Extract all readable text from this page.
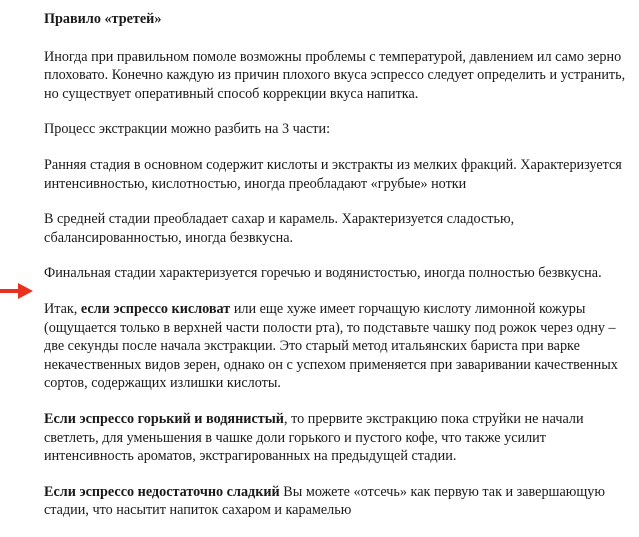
Правило «третей»

Иногда при правильном помоле возможны проблемы с температурой, давлением ил само зерно плоховато. Конечно каждую из причин плохого вкуса эспрессо следует определить и устранить, но существует оперативный способ коррекции вкуса напитка.

Процесс экстракции можно разбить на 3 части:

Ранняя стадия в основном содержит кислоты и экстракты из мелких фракций. Характеризуется интенсивностью, кислотностью, иногда преобладают «грубые» нотки

В средней стадии преобладает сахар и карамель. Характеризуется сладостью, сбалансированностью, иногда безвкусна.

Финальная стадии характеризуется горечью и водянистостью, иногда полностью безвкусна.

Итак, если эспрессо кисловат или еще хуже имеет горчащую кислоту лимонной кожуры (ощущается только в верхней части полости рта), то подставьте чашку под рожок через одну – две секунды после начала экстракции. Это старый метод итальянских бариста при варке некачественных видов зерен, однако он с успехом применяется при заваривании качественных сортов, содержащих излишки кислоты.

Если эспрессо горький и водянистый, то прервите экстракцию пока струйки не начали светлеть, для уменьшения в чашке доли горького и пустого кофе, что также усилит интенсивность ароматов, экстрагированных на предыдущей стадии.

Если эспрессо недостаточно сладкий Вы можете «отсечь» как первую так и завершающую стадии, что насытит напиток сахаром и карамелью
